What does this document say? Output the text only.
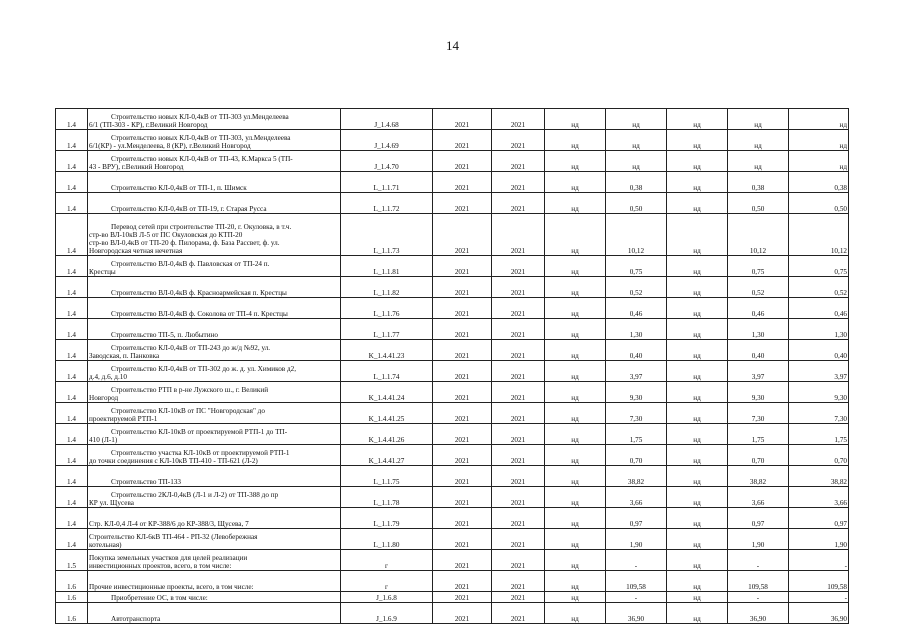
14
1.4	Строительство новых КЛ-0,4кВ от ТП-303 ул.Менделеева
6/1 (ТП-303 - КР), г.Великий Новгород	J_1.4.68	2021	2021	нд	нд	нд	нд	нд
1.4	Строительство новых КЛ-0,4кВ от ТП-303, ул.Менделеева
6/1(КР) - ул.Менделеева, 8 (КР), г.Великий Новгород	J_1.4.69	2021	2021	нд	нд	нд	нд	нд
1.4	Строительство новых КЛ-0,4кВ от ТП-43, К.Маркса 5 (ТП-
43 - ВРУ), г.Великий Новгород	J_1.4.70	2021	2021	нд	нд	нд	нд	нд
1.4	Строительство КЛ-0,4кВ от ТП-1, п. Шимск	L_1.1.71	2021	2021	нд	0,38	нд	0,38	0,38
1.4	Строительство КЛ-0,4кВ от ТП-19, г. Старая Русса	L_1.1.72	2021	2021	нд	0,50	нд	0,50	0,50
1.4	Перевод сетей при строительстве ТП-20, г. Окуловка, в т.ч.
стр-во ВЛ-10кВ Л-5 от ПС Окуловская до КТП-20
стр-во ВЛ-0,4кВ от ТП-20 ф. Пилорама, ф. База Рассвет, ф. ул.
Новгородская четная нечетная	L_1.1.73	2021	2021	нд	10,12	нд	10,12	10,12
1.4	Строительство ВЛ-0,4кВ ф. Павловская от ТП-24 п.
Крестцы	L_1.1.81	2021	2021	нд	0,75	нд	0,75	0,75
1.4	Строительство ВЛ-0,4кВ ф. Красноармейская п. Крестцы	L_1.1.82	2021	2021	нд	0,52	нд	0,52	0,52
1.4	Строительство ВЛ-0,4кВ ф. Соколова от ТП-4 п. Крестцы	L_1.1.76	2021	2021	нд	0,46	нд	0,46	0,46
1.4	Строительство ТП-5, п. Любытино	L_1.1.77	2021	2021	нд	1,30	нд	1,30	1,30
1.4	Строительство КЛ-0,4кВ от ТП-243 до ж/д №92, ул.
Заводская, п. Панковка	K_1.4.41.23	2021	2021	нд	0,40	нд	0,40	0,40
1.4	Строительство КЛ-0,4кВ от ТП-302 до ж. д. ул. Химиков д2,
д.4, д.6, д.10	L_1.1.74	2021	2021	нд	3,97	нд	3,97	3,97
1.4	Строительство РТП в р-не Лужского ш., г. Великий
Новгород	K_1.4.41.24	2021	2021	нд	9,30	нд	9,30	9,30
1.4	Строительство КЛ-10кВ от ПС "Новгородская" до
проектируемой РТП-1	K_1.4.41.25	2021	2021	нд	7,30	нд	7,30	7,30
1.4	Строительство КЛ-10кВ от проектируемой РТП-1 до ТП-
410 (Л-1)	K_1.4.41.26	2021	2021	нд	1,75	нд	1,75	1,75
1.4	Строительство участка КЛ-10кВ от проектируемой РТП-1
до точки соединения с КЛ-10кВ ТП-410 - ТП-621 (Л-2)	K_1.4.41.27	2021	2021	нд	0,70	нд	0,70	0,70
1.4	Строительство ТП-133	L_1.1.75	2021	2021	нд	38,82	нд	38,82	38,82
1.4	Строительство 2КЛ-0,4кВ (Л-1 и Л-2) от ТП-388 до пр
КР ул. Щусева	L_1.1.78	2021	2021	нд	3,66	нд	3,66	3,66
1.4	Стр. КЛ-0,4 Л-4 от КР-388/6 до КР-388/3, Щусева, 7	L_1.1.79	2021	2021	нд	0,97	нд	0,97	0,97
1.4	Строительство КЛ-6кВ ТП-464 - РП-32 (Левобережная
котельная)	L_1.1.80	2021	2021	нд	1,90	нд	1,90	1,90
1.5	Покупка земельных участков для целей реализации
инвестиционных проектов, всего, в том числе:	г	2021	2021	нд	-	нд	-	-
1.6	Прочие инвестиционные проекты, всего, в том числе:	г	2021	2021	нд	109,58	нд	109,58	109,58
1.6	Приобретение ОС, в том числе:	J_1.6.8	2021	2021	нд	-	нд	-	-
1.6	Автотранспорта	J_1.6.9	2021	2021	нд	36,90	нд	36,90	36,90
